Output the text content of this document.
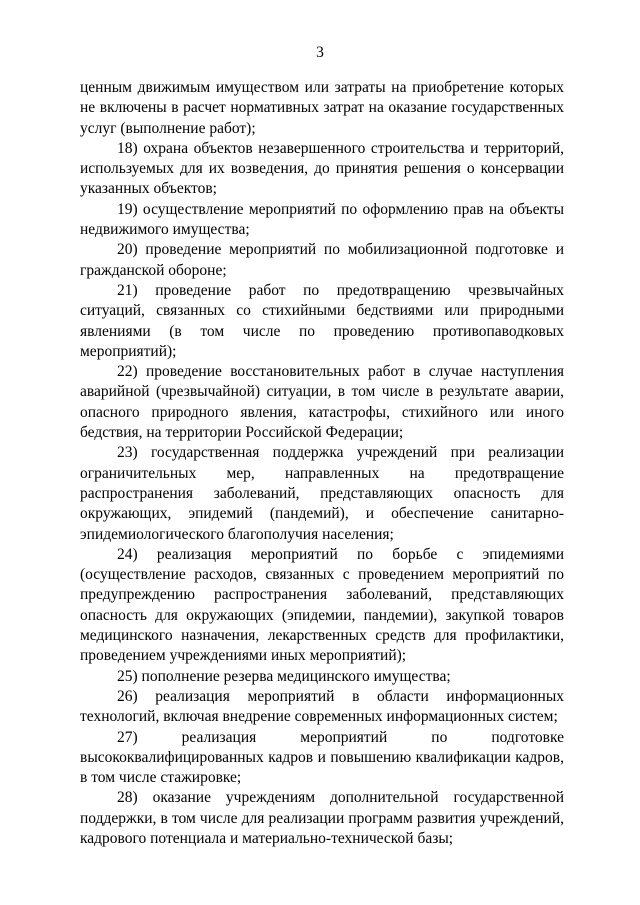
3

ценным движимым имуществом или затраты на приобретение которых не включены в расчет нормативных затрат на оказание государственных услуг (выполнение работ);

18) охрана объектов незавершенного строительства и территорий, используемых для их возведения, до принятия решения о консервации указанных объектов;

19) осуществление мероприятий по оформлению прав на объекты недвижимого имущества;

20) проведение мероприятий по мобилизационной подготовке и гражданской обороне;

21) проведение работ по предотвращению чрезвычайных ситуаций, связанных со стихийными бедствиями или природными явлениями (в том числе по проведению противопаводковых мероприятий);

22) проведение восстановительных работ в случае наступления аварийной (чрезвычайной) ситуации, в том числе в результате аварии, опасного природного явления, катастрофы, стихийного или иного бедствия, на территории Российской Федерации;

23) государственная поддержка учреждений при реализации ограничительных мер, направленных на предотвращение распространения заболеваний, представляющих опасность для окружающих, эпидемий (пандемий), и обеспечение санитарно-эпидемиологического благополучия населения;

24) реализация мероприятий по борьбе с эпидемиями (осуществление расходов, связанных с проведением мероприятий по предупреждению распространения заболеваний, представляющих опасность для окружающих (эпидемии, пандемии), закупкой товаров медицинского назначения, лекарственных средств для профилактики, проведением учреждениями иных мероприятий);

25) пополнение резерва медицинского имущества;

26) реализация мероприятий в области информационных технологий, включая внедрение современных информационных систем;

27) реализация мероприятий по подготовке высококвалифицированных кадров и повышению квалификации кадров, в том числе стажировке;

28) оказание учреждениям дополнительной государственной поддержки, в том числе для реализации программ развития учреждений, кадрового потенциала и материально-технической базы;
